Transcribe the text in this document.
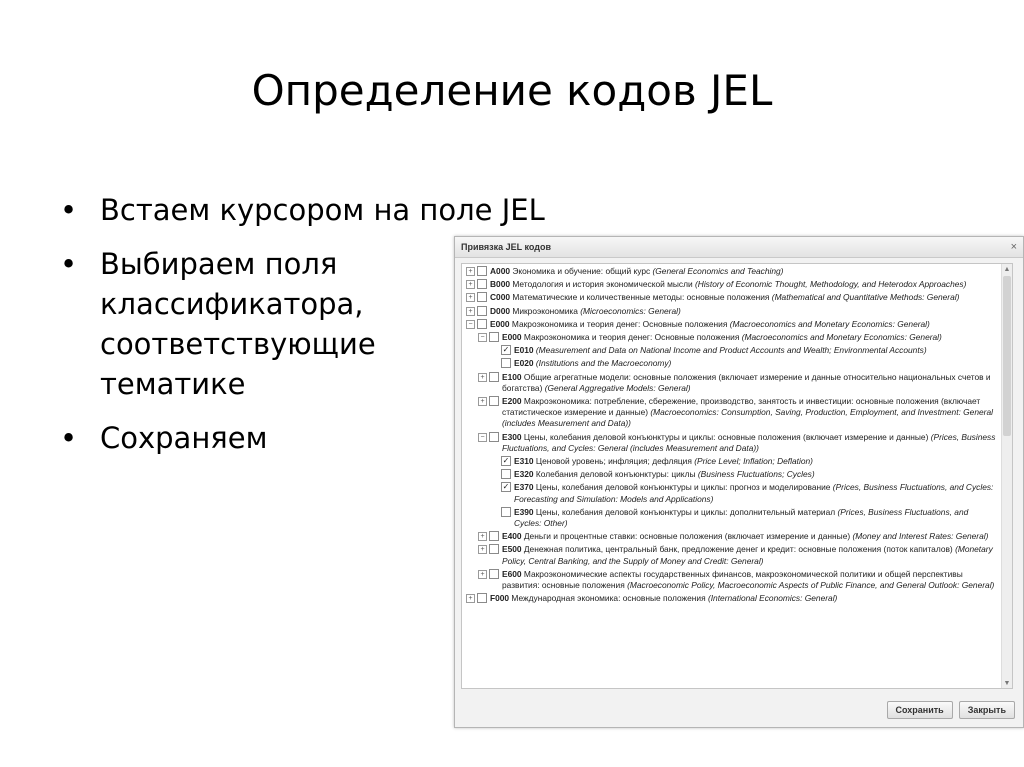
Определение кодов JEL
• Встаем курсором на поле JEL
• Выбираем поля классификатора, соответствующие тематике
• Сохраняем
Привязка JEL кодов	×
▲
▼
+	A000 Экономика и обучение: общий курс (General Economics and Teaching)
+	B000 Методология и история экономической мысли (History of Economic Thought, Methodology, and Heterodox Approaches)
+	C000 Математические и количественные методы: основные положения (Mathematical and Quantitative Methods: General)
+	D000 Микроэкономика (Microeconomics: General)
−	E000 Макроэкономика и теория денег: Основные положения (Macroeconomics and Monetary Economics: General)
−	E000 Макроэкономика и теория денег: Основные положения (Macroeconomics and Monetary Economics: General)
✓ E010 (Measurement and Data on National Income and Product Accounts and Wealth; Environmental Accounts)
E020 (Institutions and the Macroeconomy)
+	E100 Общие агрегатные модели: основные положения (включает измерение и данные относительно национальных счетов и богатства) (General Aggregative Models: General)
+	E200 Макроэкономика: потребление, сбережение, производство, занятость и инвестиции: основные положения (включает статистическое измерение и данные) (Macroeconomics: Consumption, Saving, Production, Employment, and Investment: General (includes Measurement and Data))
−	E300 Цены, колебания деловой конъюнктуры и циклы: основные положения (включает измерение и данные) (Prices, Business Fluctuations, and Cycles: General (includes Measurement and Data))
✓ E310 Ценовой уровень; инфляция; дефляция (Price Level; Inflation; Deflation)
E320 Колебания деловой конъюнктуры: циклы (Business Fluctuations; Cycles)
✓ E370 Цены, колебания деловой конъюнктуры и циклы: прогноз и моделирование (Prices, Business Fluctuations, and Cycles: Forecasting and Simulation: Models and Applications)
E390 Цены, колебания деловой конъюнктуры и циклы: дополнительный материал (Prices, Business Fluctuations, and Cycles: Other)
+	E400 Деньги и процентные ставки: основные положения (включает измерение и данные) (Money and Interest Rates: General)
+	E500 Денежная политика, центральный банк, предложение денег и кредит: основные положения (поток капиталов) (Monetary Policy, Central Banking, and the Supply of Money and Credit: General)
+	E600 Макроэкономические аспекты государственных финансов, макроэкономической политики и общей перспективы развития: основные положения (Macroeconomic Policy, Macroeconomic Aspects of Public Finance, and General Outlook: General)
+	F000 Международная экономика: основные положения (International Economics: General)
Сохранить	Закрыть
